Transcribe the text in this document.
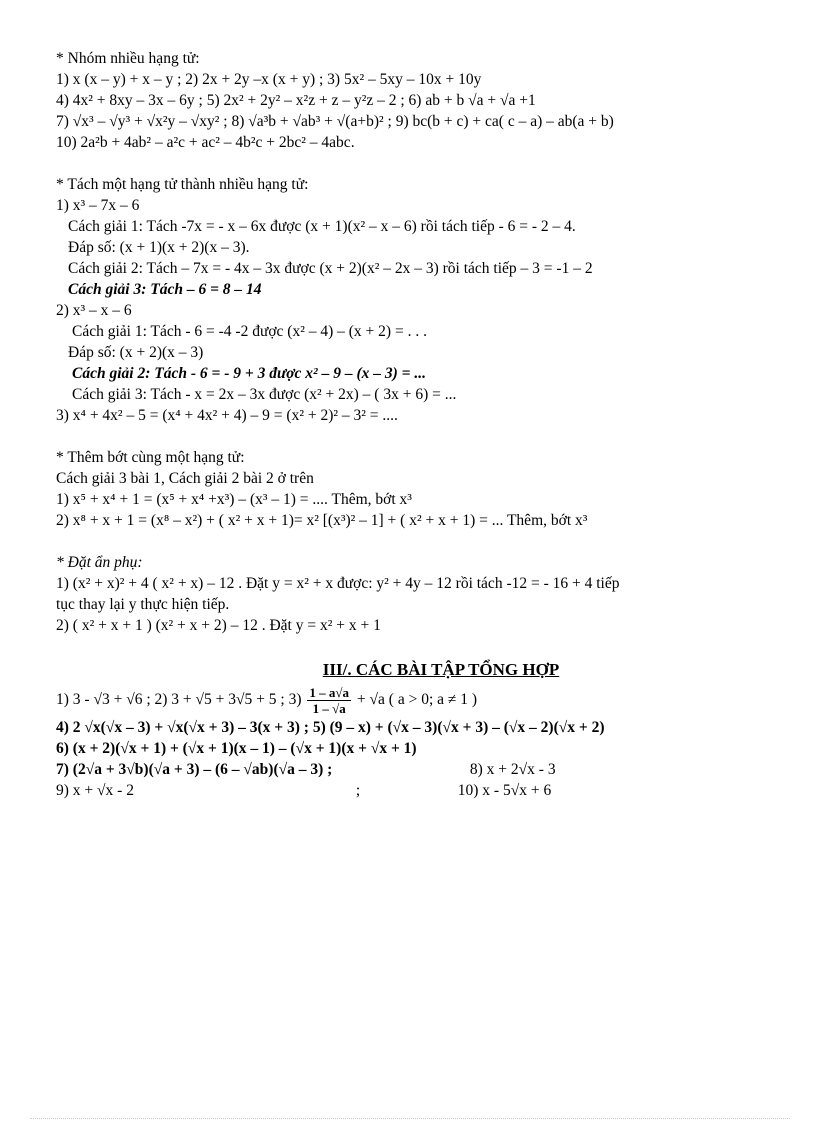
* Nhóm nhiều hạng tử:
1) x (x – y) + x – y ; 2) 2x + 2y –x (x + y) ; 3) 5x² – 5xy – 10x + 10y
4) 4x² + 8xy – 3x – 6y ; 5) 2x² + 2y² – x²z + z – y²z – 2 ; 6) ab + b √a + √a +1
7) √x³ – √y³ + √x²y – √xy² ; 8) √a³b + √ab³ + √(a+b)² ; 9) bc(b + c) + ca( c – a) – ab(a + b)
10) 2a²b + 4ab² – a²c + ac² – 4b²c + 2bc² – 4abc.
* Tách một hạng tử thành nhiều hạng tử:
1) x³ – 7x – 6
Cách giải 1: Tách -7x = - x – 6x được (x + 1)(x² – x – 6) rồi tách tiếp - 6 = - 2 – 4.
Đáp số: (x + 1)(x + 2)(x – 3).
Cách giải 2: Tách – 7x = - 4x – 3x được (x + 2)(x² – 2x – 3) rồi tách tiếp – 3 = -1 – 2
Cách giải 3: Tách – 6 = 8 – 14
2) x³ – x – 6
Cách giải 1: Tách - 6 = -4 -2 được (x² – 4) – (x + 2) = . . .
Đáp số: (x + 2)(x – 3)
Cách giải 2: Tách - 6 = - 9 + 3 được x² – 9 – (x – 3) = ...
Cách giải 3: Tách - x = 2x – 3x được (x² + 2x) – ( 3x + 6) = ...
3) x⁴ + 4x² – 5 = (x⁴ + 4x² + 4) – 9 = (x² + 2)² – 3² = ....
* Thêm bớt cùng một hạng tử:
Cách giải 3 bài 1, Cách giải 2 bài 2 ở trên
1) x⁵ + x⁴ + 1 = (x⁵ + x⁴ +x³) – (x³ – 1) = .... Thêm, bớt x³
2) x⁸ + x + 1 = (x⁸ – x²) + ( x² + x + 1)= x² [(x³)² – 1] + ( x² + x + 1) = ... Thêm, bớt x³
* Đặt ẩn phụ:
1) (x² + x)² + 4 ( x² + x) – 12 . Đặt y = x² + x được: y² + 4y – 12 rồi tách -12 = - 16 + 4 tiếp
tục thay lại y thực hiện tiếp.
2) ( x² + x + 1 ) (x² + x + 2) – 12 . Đặt y = x² + x + 1
III/. CÁC BÀI TẬP TỔNG HỢP
1) 3 - √3 + √6 ; 2) 3 + √5 + 3√5 + 5 ; $3) \frac{1 - a√a}{1 - √a} + √a$ ( a > 0; a ≠ 1 )
4) 2 √x(√x – 3) + √x(√x + 3) – 3(x + 3) ; 5) (9 – x) + (√x – 3)(√x + 3) – (√x – 2)(√x + 2)
6) (x + 2)(√x + 1) + (√x + 1)(x – 1) – (√x + 1)(x + √x + 1)
7) (2√a + 3√b)(√a + 3) – (6 – √ab)(√a – 3) ;	8) x + 2√x - 3
9) x + √x - 2	;	10) x - 5√x + 6
